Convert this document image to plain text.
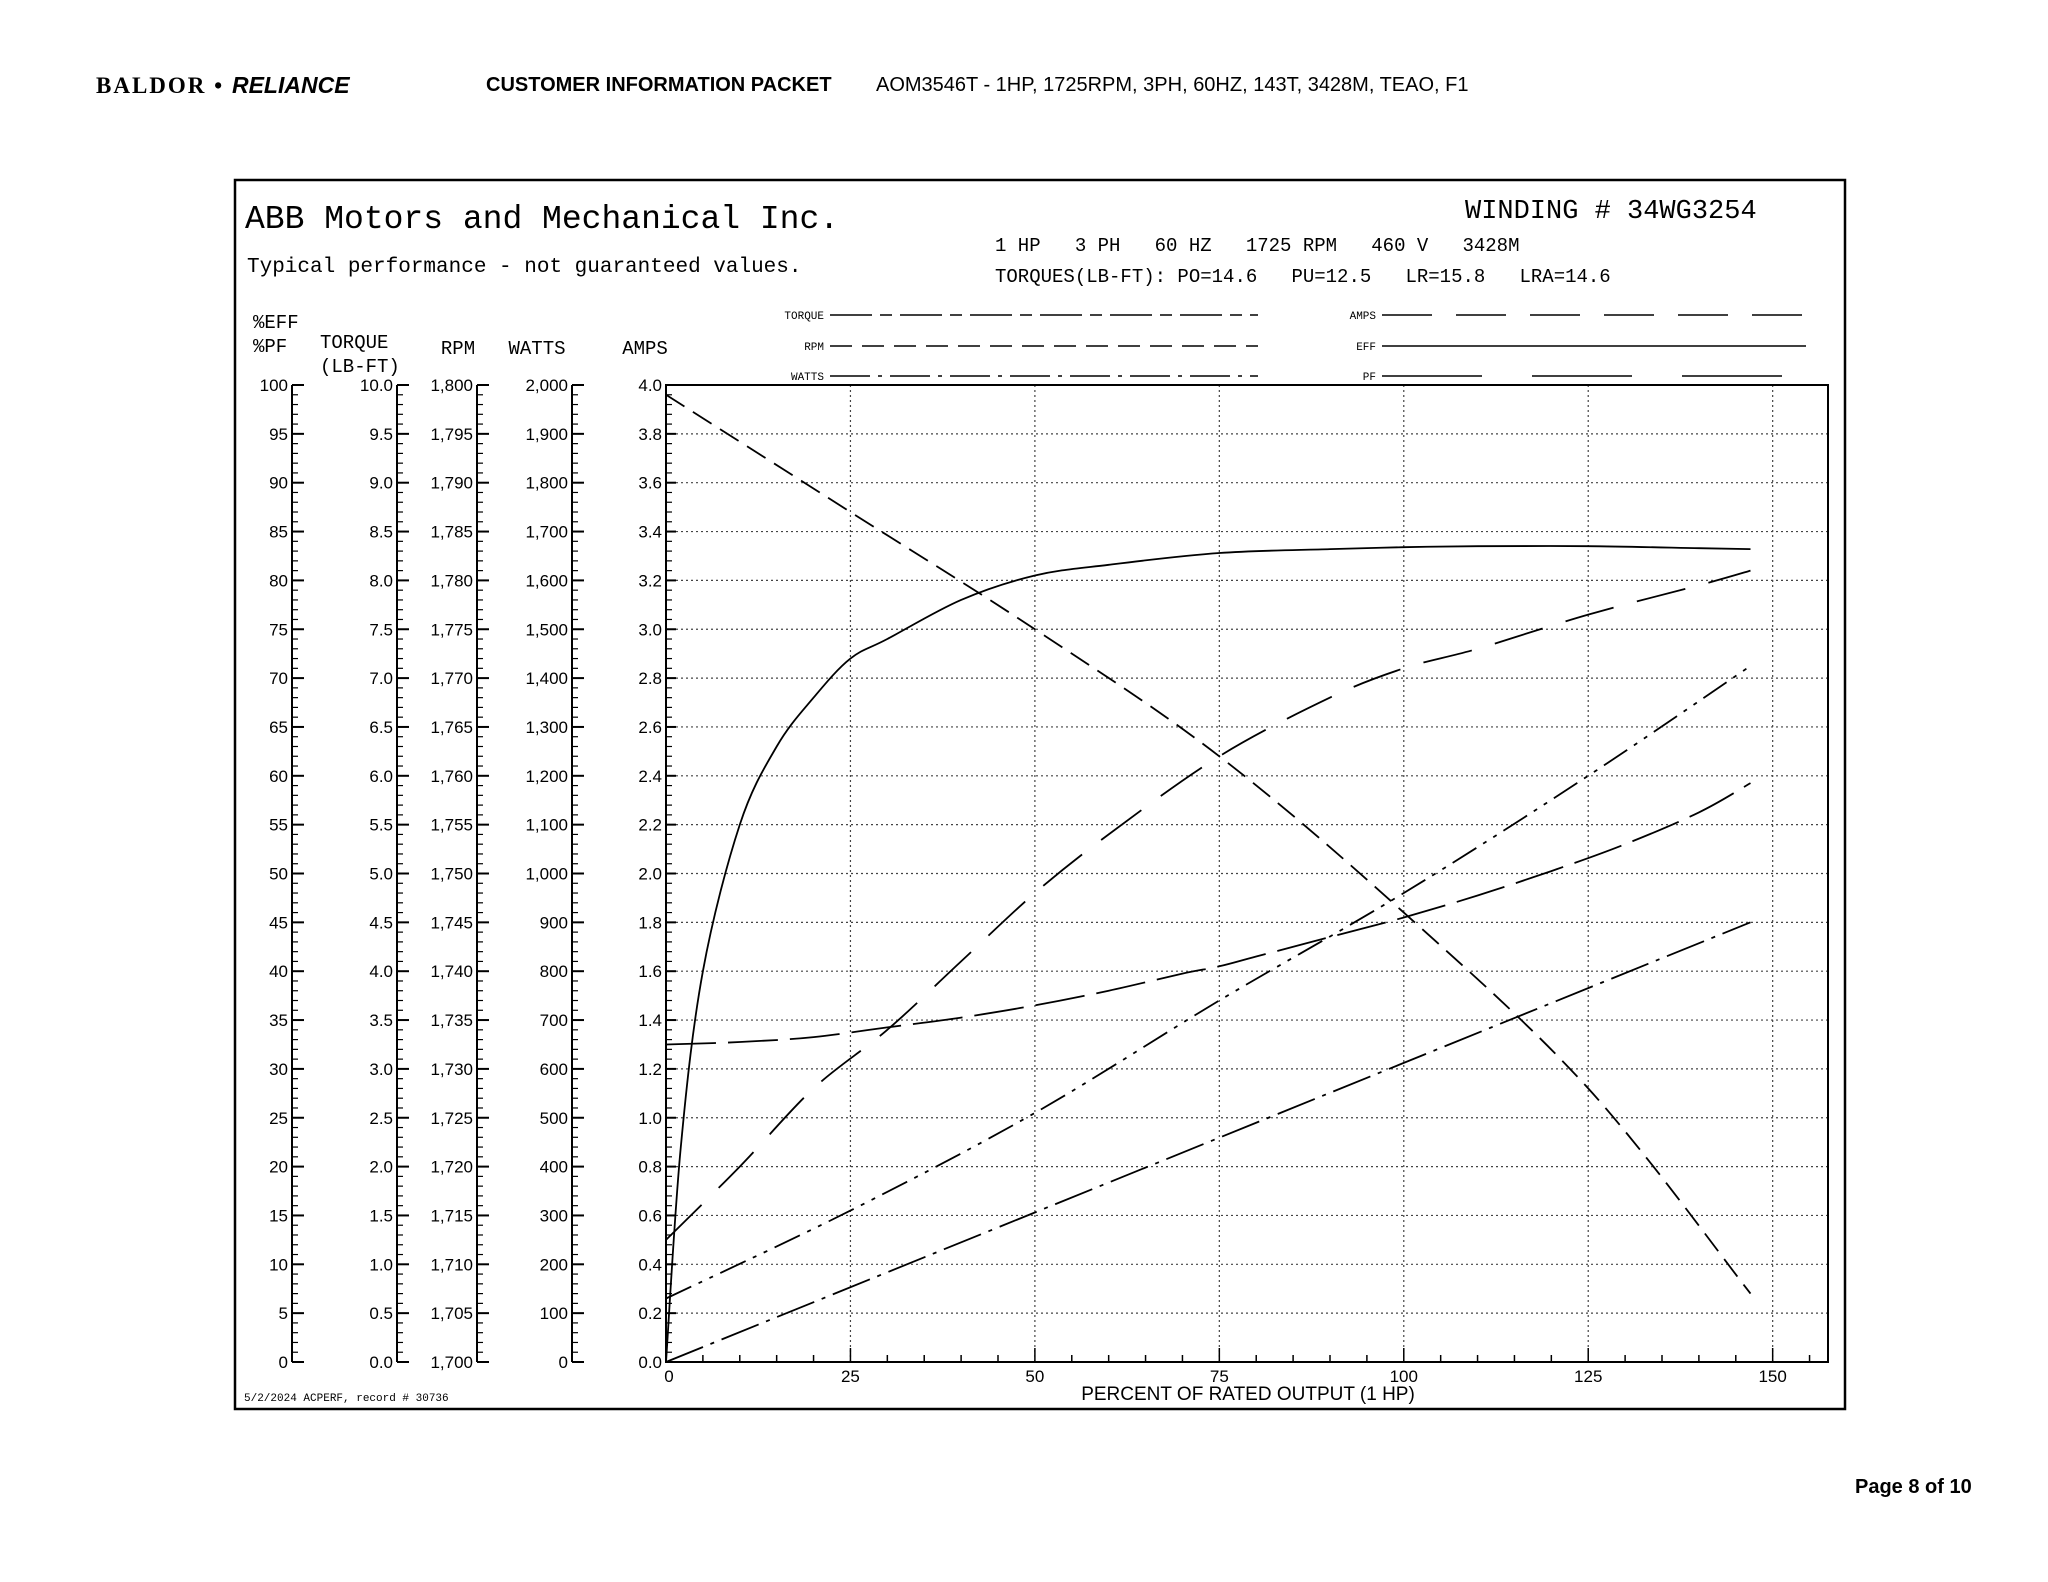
BALDOR • RELIANCE	CUSTOMER INFORMATION PACKET AOM3546T - 1HP, 1725RPM, 3PH, 60HZ, 143T, 3428M, TEAO, F1
ABB Motors and Mechanical Inc.
Typical performance - not guaranteed values.
WINDING # 34WG3254
1 HP   3 PH   60 HZ   1725 RPM   460 V   3428M
TORQUES(LB-FT): PO=14.6   PU=12.5   LR=15.8   LRA=14.6
5/2/2024 ACPERF, record # 30736	PERCENT OF RATED OUTPUT (1 HP)
%EFF
%PF TORQUE
(LB-FT)
RPM WATTS	AMPS
100
95
90
85
80
75
70
65
60
55
50
45
40
35
30
25
20
15
10
5
0
10.0
9.5
9.0
8.5
8.0
7.5
7.0
6.5
6.0
5.5
5.0
4.5
4.0
3.5
3.0
2.5
2.0
1.5
1.0
0.5
0.0
1,800
1,795
1,790
1,785
1,780
1,775
1,770
1,765
1,760
1,755
1,750
1,745
1,740
1,735
1,730
1,725
1,720
1,715
1,710
1,705
1,700
2,000
1,900
1,800
1,700
1,600
1,500
1,400
1,300
1,200
1,100
1,000
900
800
700
600
500
400
300
200
100
0
4.0
3.8
3.6
3.4
3.2
3.0
2.8
2.6
2.4
2.2
2.0
1.8
1.6
1.4
1.2
1.0
0.8
0.6
0.4
0.2
0.0
0	25	50	75	100	125	150
TORQUE
RPM
WATTS
AMPS
EFF
PF
Page 8 of 10
